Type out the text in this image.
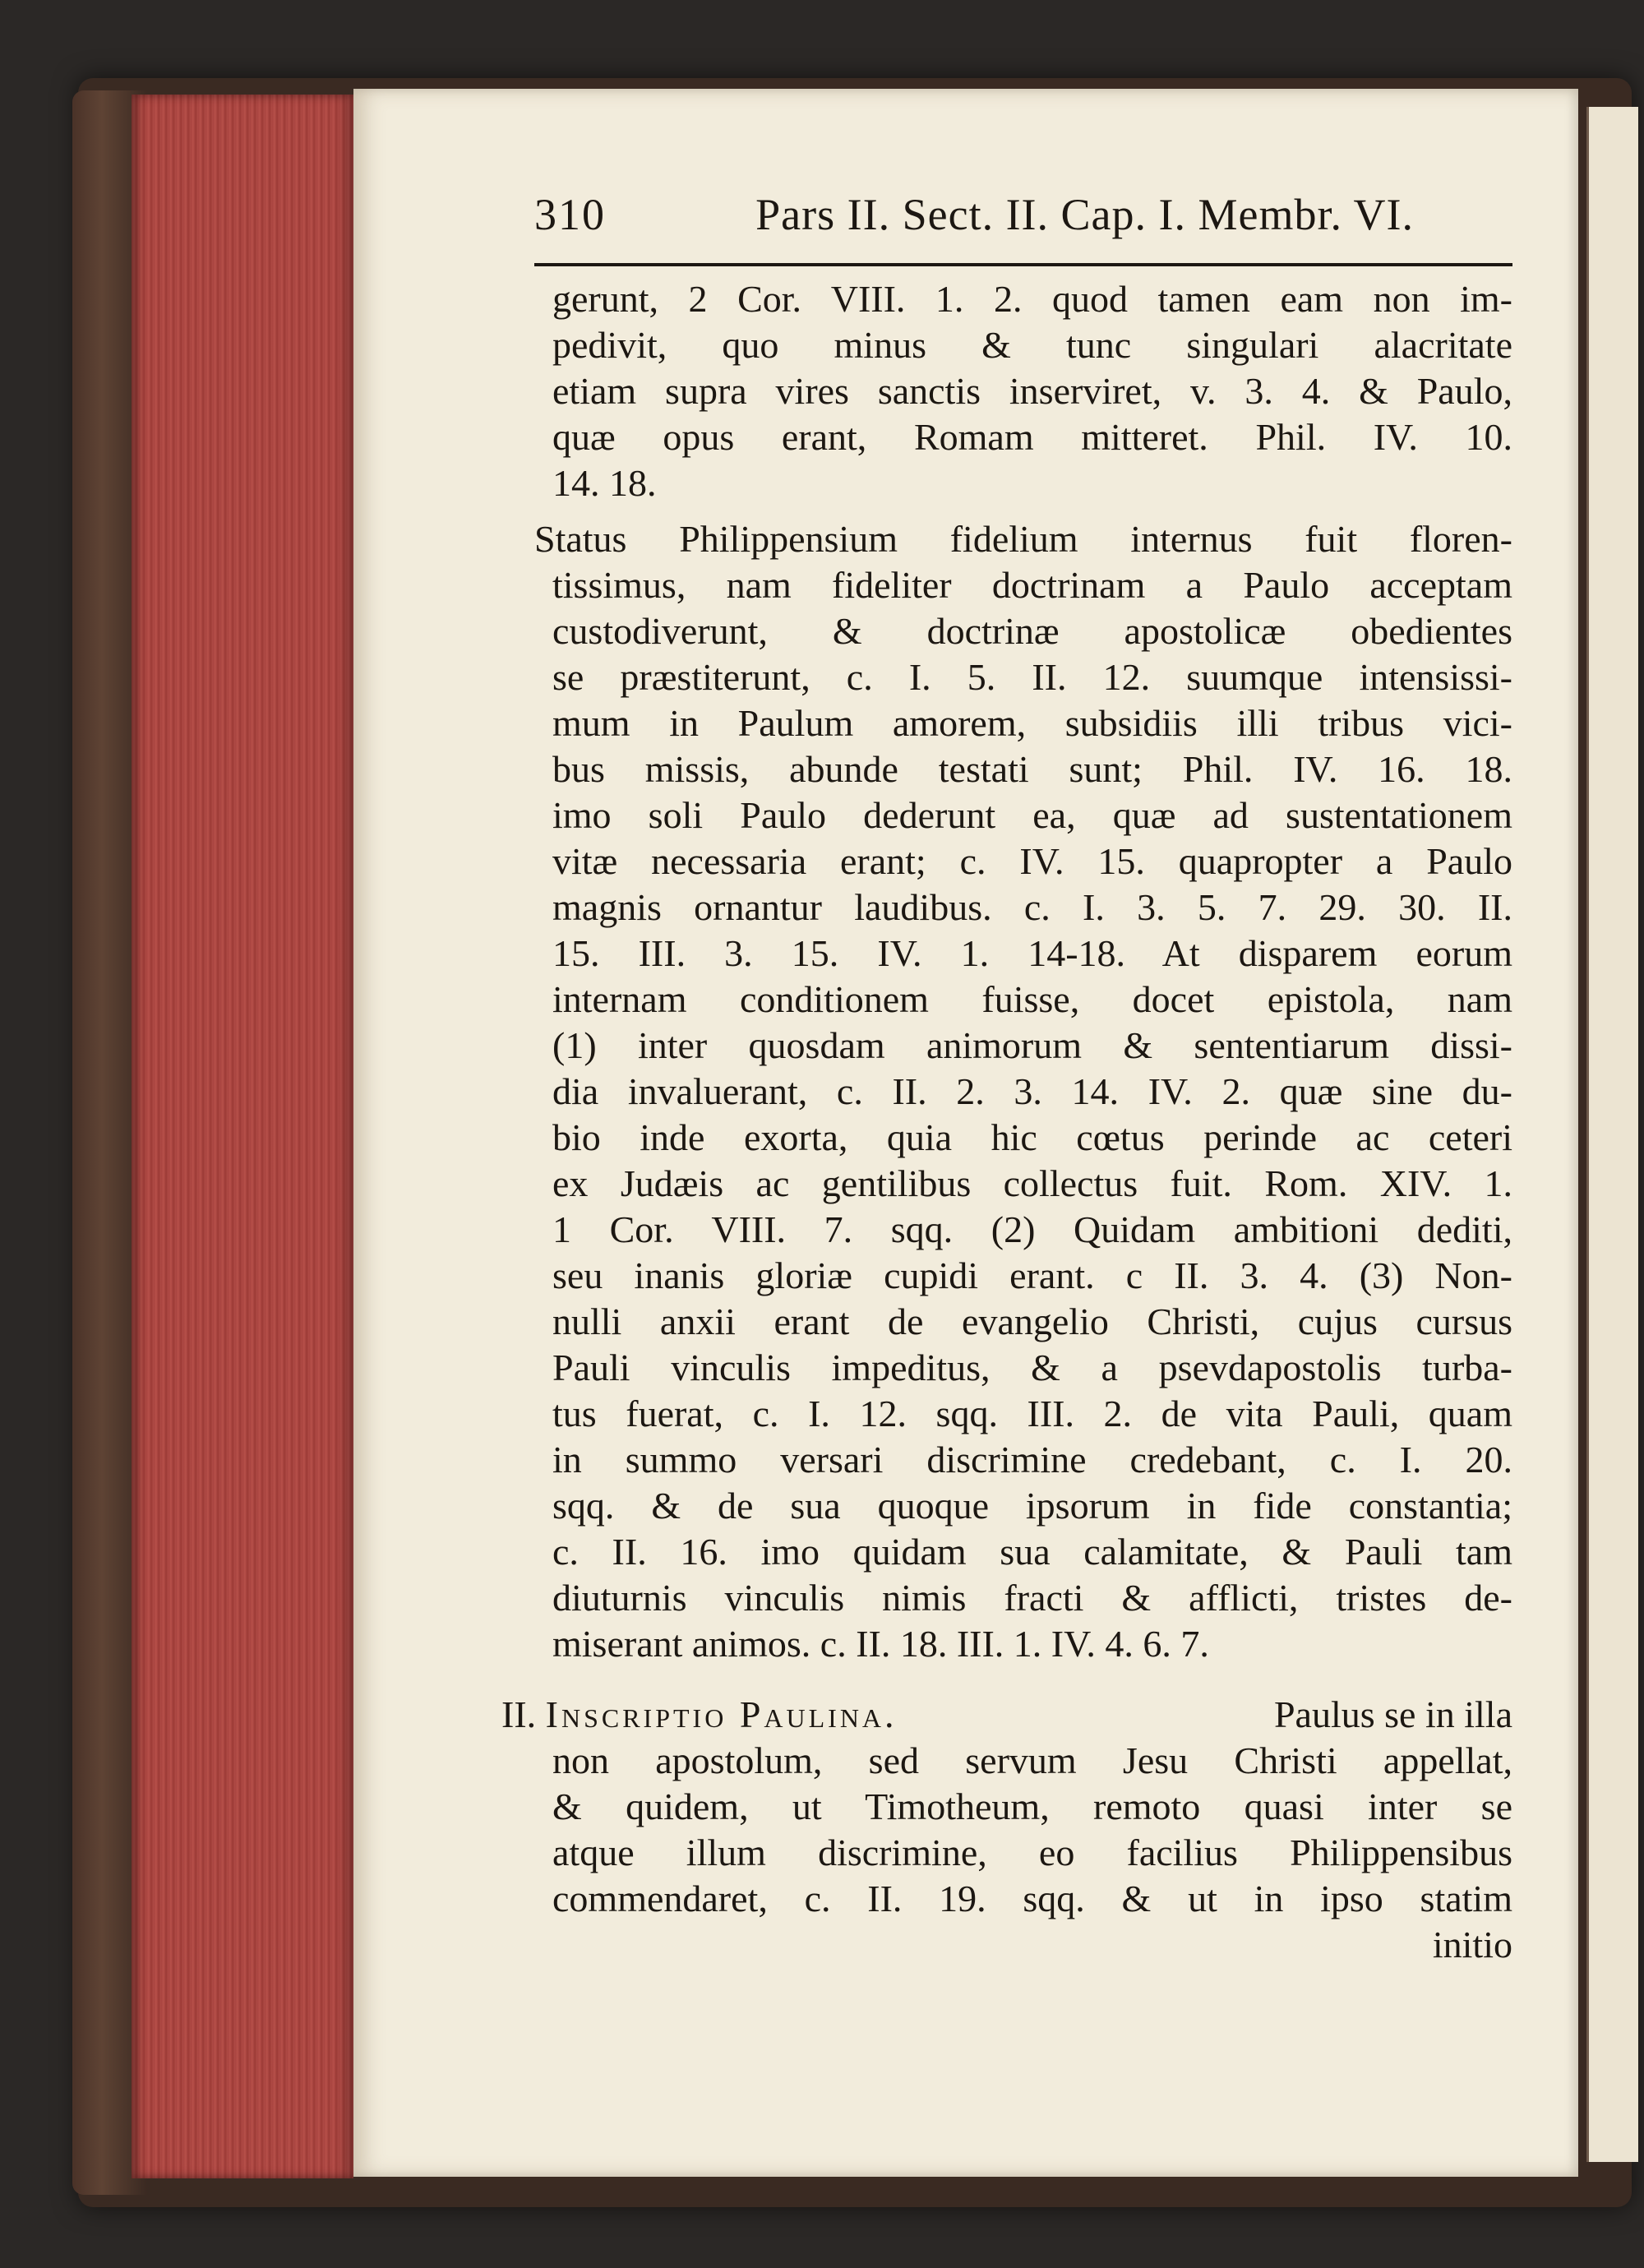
310	Pars II. Sect. II. Cap. I. Membr. VI.
gerunt, 2 Cor. VIII. 1. 2. quod tamen eam non im-
pedivit, quo minus & tunc singulari alacritate
etiam supra vires sanctis inserviret, v. 3. 4. & Paulo,
quæ opus erant, Romam mitteret. Phil. IV. 10.
14. 18.
Status Philippensium fidelium internus fuit floren-
tissimus, nam fideliter doctrinam a Paulo acceptam
custodiverunt, & doctrinæ apostolicæ obedientes
se præstiterunt, c. I. 5. II. 12. suumque intensissi-
mum in Paulum amorem, subsidiis illi tribus vici-
bus missis, abunde testati sunt; Phil. IV. 16. 18.
imo soli Paulo dederunt ea, quæ ad sustentationem
vitæ necessaria erant; c. IV. 15. quapropter a Paulo
magnis ornantur laudibus. c. I. 3. 5. 7. 29. 30. II.
15. III. 3. 15. IV. 1. 14-18. At disparem eorum
internam conditionem fuisse, docet epistola, nam
(1) inter quosdam animorum & sententiarum dissi-
dia invaluerant, c. II. 2. 3. 14. IV. 2. quæ sine du-
bio inde exorta, quia hic cœtus perinde ac ceteri
ex Judæis ac gentilibus collectus fuit. Rom. XIV. 1.
1 Cor. VIII. 7. sqq. (2) Quidam ambitioni dediti,
seu inanis gloriæ cupidi erant. c II. 3. 4. (3) Non-
nulli anxii erant de evangelio Christi, cujus cursus
Pauli vinculis impeditus, & a psevdapostolis turba-
tus fuerat, c. I. 12. sqq. III. 2. de vita Pauli, quam
in summo versari discrimine credebant, c. I. 20.
sqq. & de sua quoque ipsorum in fide constantia;
c. II. 16. imo quidam sua calamitate, & Pauli tam
diuturnis vinculis nimis fracti & afflicti, tristes de-
miserant animos. c. II. 18. III. 1. IV. 4. 6. 7.
II. Inscriptio Paulina.	Paulus se in illa
non apostolum, sed servum Jesu Christi appellat,
& quidem, ut Timotheum, remoto quasi inter se
atque illum discrimine, eo facilius Philippensibus
commendaret, c. II. 19. sqq. & ut in ipso statim
initio
